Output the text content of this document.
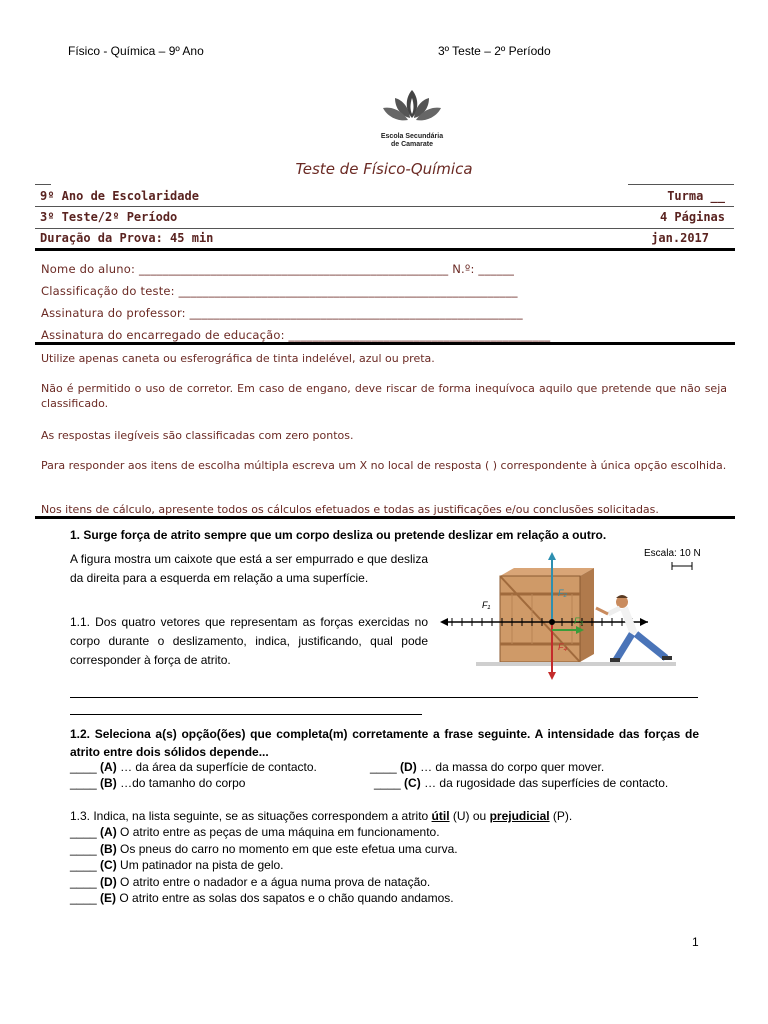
Físico - Química – 9º Ano	3º Teste – 2º Período
Escola Secundária
de Camarate
Teste de Físico-Química
9º Ano de Escolaridade	Turma __
3º Teste/2º Período	4 Páginas
Duração da Prova: 45 min	jan.2017
Nome do aluno: ____________________________________________________ N.º: ______
Classificação do teste: _________________________________________________________
Assinatura do professor: ________________________________________________________
Assinatura do encarregado de educação: ____________________________________________
Utilize apenas caneta ou esferográfica de tinta indelével, azul ou preta.
Não é permitido o uso de corretor. Em caso de engano, deve riscar de forma inequívoca aquilo que pretende que não seja classificado.
As respostas ilegíveis são classificadas com zero pontos.
Para responder aos itens de escolha múltipla escreva um X no local de resposta ( ) correspondente à única opção escolhida.
Nos itens de cálculo, apresente todos os cálculos efetuados e todas as justificações e/ou conclusões solicitadas.
1. Surge força de atrito sempre que um corpo desliza ou pretende deslizar em relação a outro.
A figura mostra um caixote que está a ser empurrado e que desliza da direita para a esquerda em relação a uma superfície.
1.1. Dos quatro vetores que representam as forças exercidas no corpo durante o deslizamento, indica, justificando, qual pode corresponder à força de atrito.
Escala: 10 N
F₁
F₂
F₃
F₄
1.2. Seleciona a(s) opção(ões) que completa(m) corretamente a frase seguinte. A intensidade das forças de atrito entre dois sólidos depende...
____ (A) … da área da superfície de contacto.	____ (D) … da massa do corpo quer mover.
____ (B) …do tamanho do corpo	____ (C) … da rugosidade das superfícies de contacto.
1.3. Indica, na lista seguinte, se as situações correspondem a atrito útil (U) ou prejudicial (P).
____ (A) O atrito entre as peças de uma máquina em funcionamento.
____ (B) Os pneus do carro no momento em que este efetua uma curva.
____ (C) Um patinador na pista de gelo.
____ (D) O atrito entre o nadador e a água numa prova de natação.
____ (E) O atrito entre as solas dos sapatos e o chão quando andamos.
1
